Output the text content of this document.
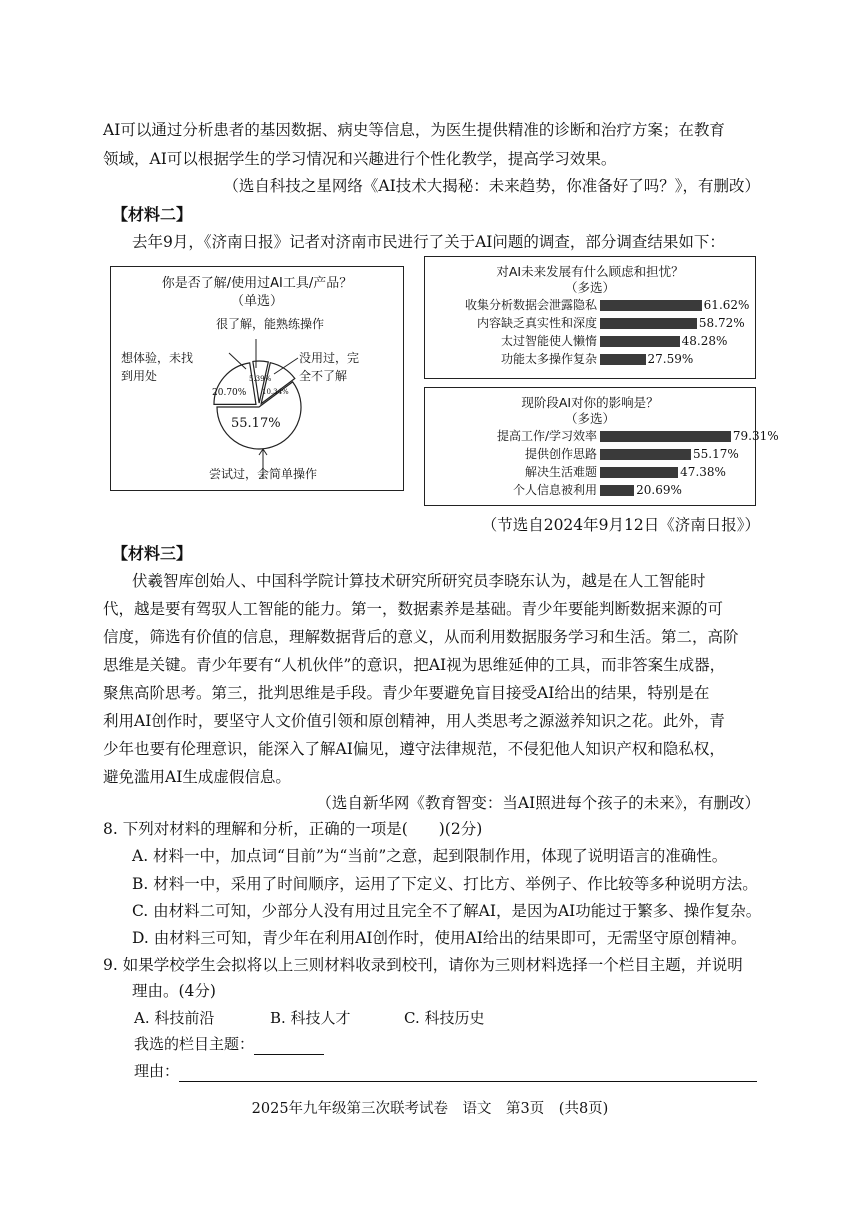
AI可以通过分析患者的基因数据、病史等信息，为医生提供精准的诊断和治疗方案；在教育
领域，AI可以根据学生的学习情况和兴趣进行个性化教学，提高学习效果。
（选自科技之星网络《AI技术大揭秘：未来趋势，你准备好了吗？》，有删改）
【材料二】
去年9月，《济南日报》记者对济南市民进行了关于AI问题的调查，部分调查结果如下：
你是否了解/使用过AI工具/产品？
（单选）
很了解，能熟练操作
想体验，未找到用处
没用过，完全不了解
尝试过，会简单操作
20.70%
5.39%
10.34%
55.17%
对AI未来发展有什么顾虑和担忧？
（多选）
收集分析数据会泄露隐私	61.62%
内容缺乏真实性和深度	58.72%
太过智能使人懒惰	48.28%
功能太多操作复杂	27.59%
现阶段AI对你的影响是？
（多选）
提高工作/学习效率	79.31%
提供创作思路	55.17%
解决生活难题	47.38%
个人信息被利用	20.69%
（节选自2024年9月12日《济南日报》）
【材料三】
伏羲智库创始人、中国科学院计算技术研究所研究员李晓东认为，越是在人工智能时
代，越是要有驾驭人工智能的能力。第一，数据素养是基础。青少年要能判断数据来源的可
信度，筛选有价值的信息，理解数据背后的意义，从而利用数据服务学习和生活。第二，高阶
思维是关键。青少年要有“人机伙伴”的意识，把AI视为思维延伸的工具，而非答案生成器，
聚焦高阶思考。第三，批判思维是手段。青少年要避免盲目接受AI给出的结果，特别是在
利用AI创作时，要坚守人文价值引领和原创精神，用人类思考之源滋养知识之花。此外，青
少年也要有伦理意识，能深入了解AI偏见，遵守法律规范，不侵犯他人知识产权和隐私权，
避免滥用AI生成虚假信息。
（选自新华网《教育智变：当AI照进每个孩子的未来》，有删改）
8. 下列对材料的理解和分析，正确的一项是(　　)(2分)
A. 材料一中，加点词“目前”为“当前”之意，起到限制作用，体现了说明语言的准确性。
B. 材料一中，采用了时间顺序，运用了下定义、打比方、举例子、作比较等多种说明方法。
C. 由材料二可知，少部分人没有用过且完全不了解AI，是因为AI功能过于繁多、操作复杂。
D. 由材料三可知，青少年在利用AI创作时，使用AI给出的结果即可，无需坚守原创精神。
9. 如果学校学生会拟将以上三则材料收录到校刊，请你为三则材料选择一个栏目主题，并说明
理由。(4分)
A. 科技前沿	B. 科技人才	C. 科技历史
我选的栏目主题：
理由：
2025年九年级第三次联考试卷　语文　第3页　(共8页)
